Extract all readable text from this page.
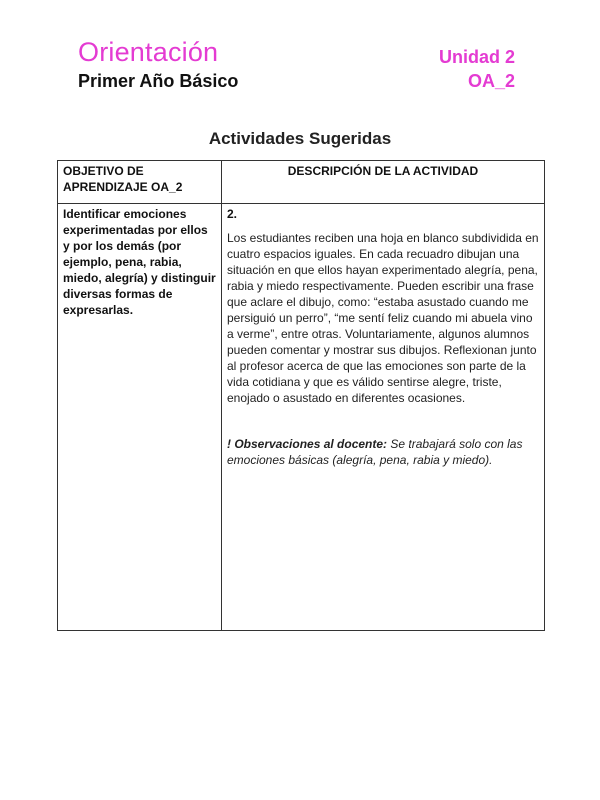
Orientación
Primer Año Básico
Unidad 2
OA_2
Actividades Sugeridas
OBJETIVO DE APRENDIZAJE OA_2	DESCRIPCIÓN DE LA ACTIVIDAD
Identificar emociones experimentadas por ellos y por los demás (por ejemplo, pena, rabia, miedo, alegría) y distinguir diversas formas de expresarlas.	2.
Los estudiantes reciben una hoja en blanco subdividida en cuatro espacios iguales. En cada recuadro dibujan una situación en que ellos hayan experimentado alegría, pena, rabia y miedo respectivamente. Pueden escribir una frase que aclare el dibujo, como: “estaba asustado cuando me persiguió un perro”, “me sentí feliz cuando mi abuela vino a verme”, entre otras. Voluntariamente, algunos alumnos pueden comentar y mostrar sus dibujos. Reflexionan junto al profesor acerca de que las emociones son parte de la vida cotidiana y que es válido sentirse alegre, triste, enojado o asustado en diferentes ocasiones.
! Observaciones al docente: Se trabajará solo con las emociones básicas (alegría, pena, rabia y miedo).
